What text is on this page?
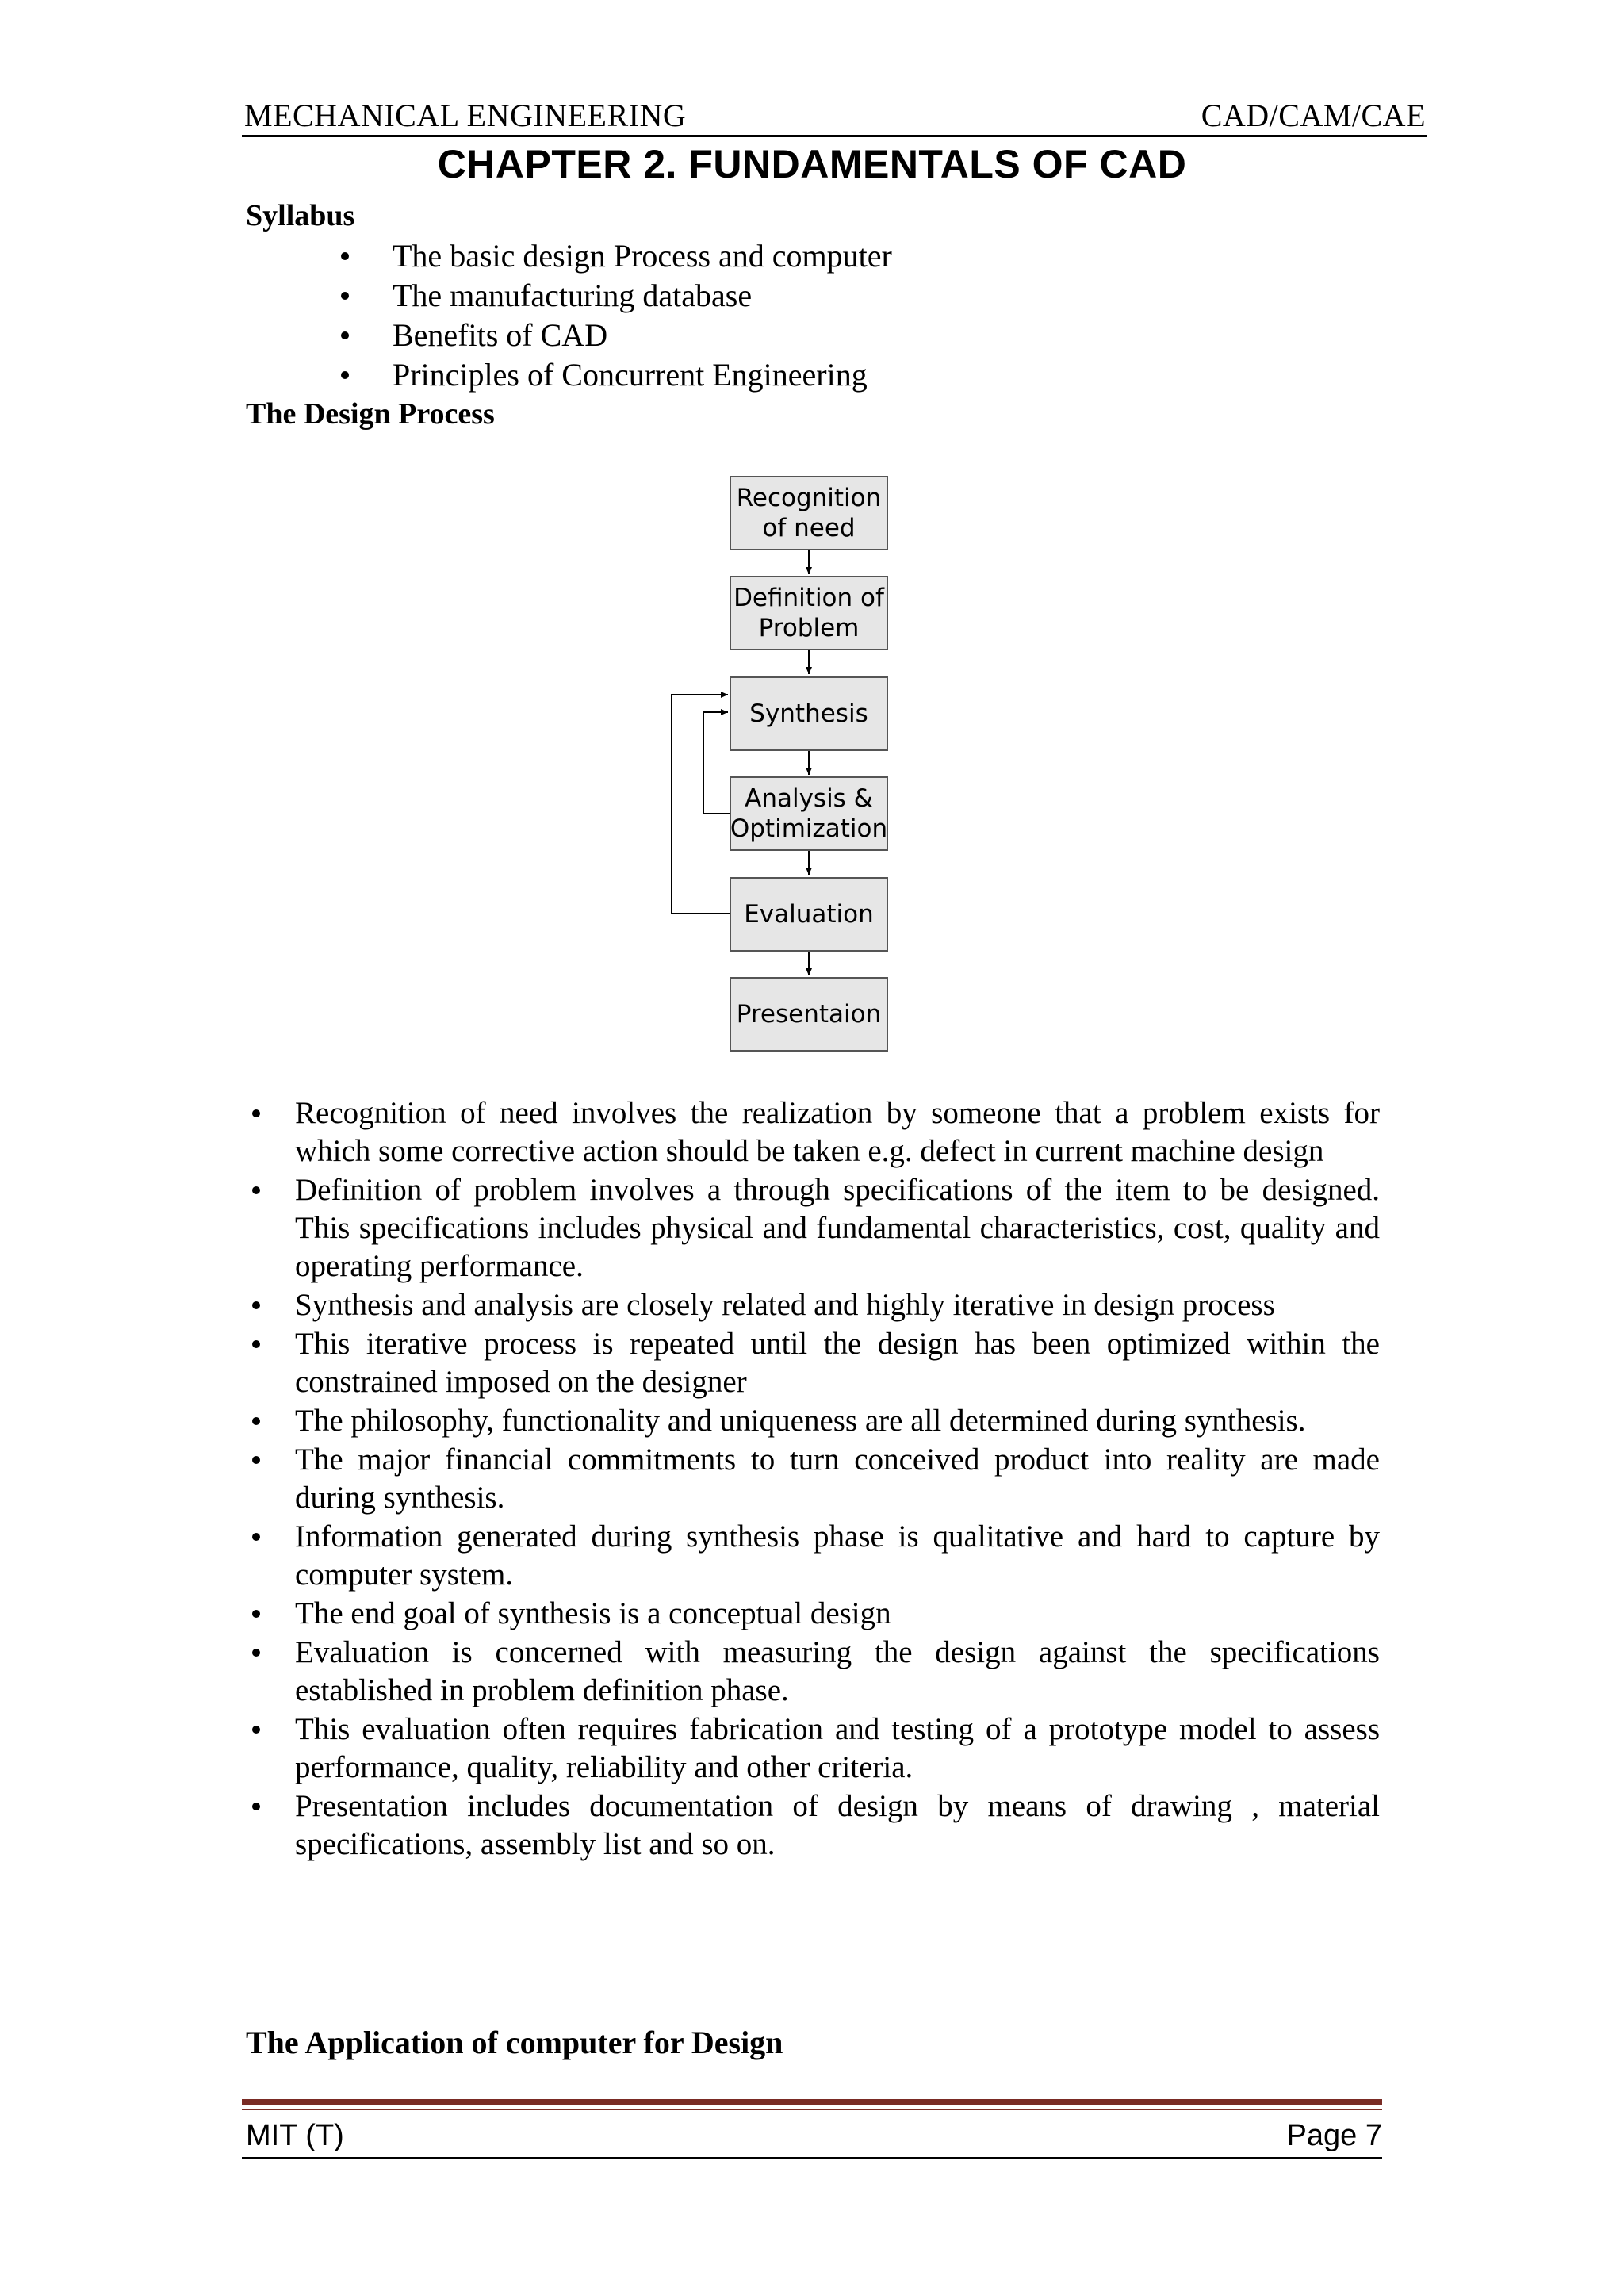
MECHANICAL ENGINEERING	CAD/CAM/CAE
CHAPTER 2. FUNDAMENTALS OF CAD
Syllabus
The basic design Process and computer
The manufacturing database
Benefits of CAD
Principles of Concurrent Engineering
The Design Process
Recognition
of need
Definition of
Problem
Synthesis
Analysis &
Optimization
Evaluation
Presentaion
Recognition of need involves the realization by someone that a problem exists for which some corrective action should be taken e.g. defect in current machine design
Definition of problem involves a through specifications of the item to be designed. This specifications includes physical and fundamental characteristics, cost, quality and operating performance.
Synthesis and analysis are closely related and highly iterative in design process
This iterative process is repeated until the design has been optimized within the constrained imposed on the designer
The philosophy, functionality and uniqueness are all determined during synthesis.
The major financial commitments to turn conceived product into reality are made during synthesis.
Information generated during synthesis phase is qualitative and hard to capture by computer system.
The end goal of synthesis is a conceptual design
Evaluation is concerned with measuring the design against the specifications established in problem definition phase.
This evaluation often requires fabrication and testing of a prototype model to assess performance, quality, reliability and other criteria.
Presentation includes documentation of design by means of drawing , material specifications, assembly list and so on.
The Application of computer for Design
MIT (T)	Page 7
